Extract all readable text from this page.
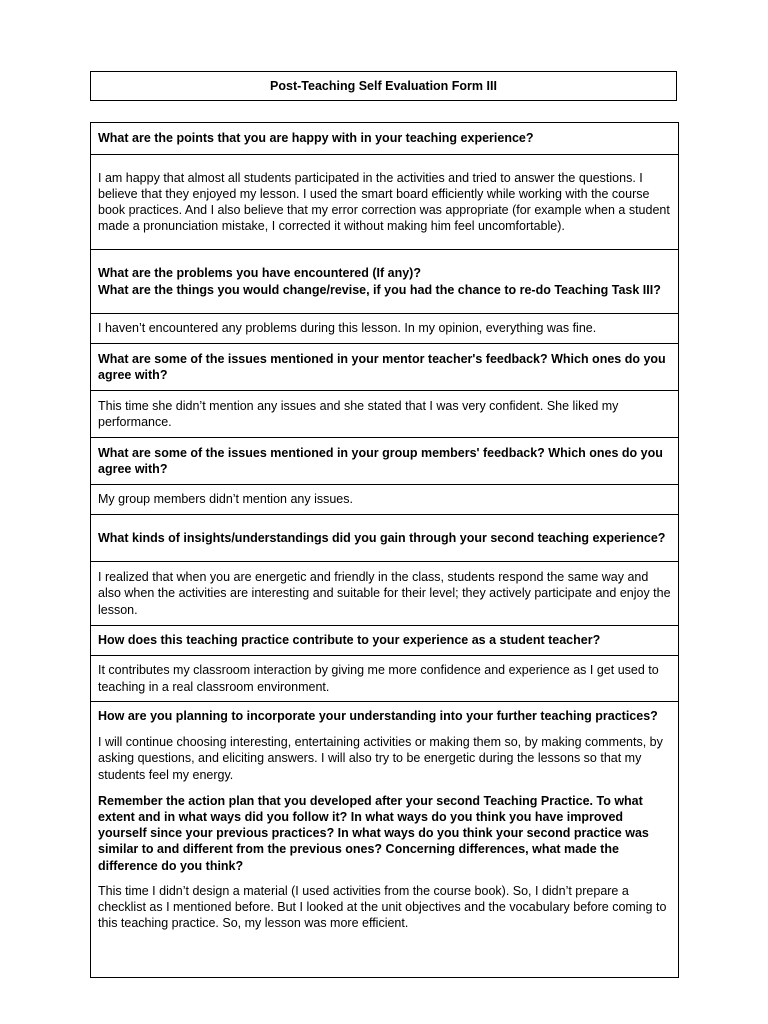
Post-Teaching Self Evaluation Form III
What are the points that you are happy with in your teaching experience?
I am happy that almost all students participated in the activities and tried to answer the questions. I believe that they enjoyed my lesson. I used the smart board efficiently while working with the course book practices. And I also believe that my error correction was appropriate (for example when a student made a pronunciation mistake, I corrected it without making him feel uncomfortable).
What are the problems you have encountered (If any)?
What are the things you would change/revise, if you had the chance to re-do Teaching Task III?
I haven’t encountered any problems during this lesson. In my opinion, everything was fine.
What are some of the issues mentioned in your mentor teacher's feedback? Which ones do you agree with?
This time she didn’t mention any issues and she stated that I was very confident. She liked my performance.
What are some of the issues mentioned in your group members' feedback? Which ones do you agree with?
My group members didn’t mention any issues.
What kinds of insights/understandings did you gain through your second teaching experience?
I realized that when you are energetic and friendly in the class, students respond the same way and also when the activities are interesting and suitable for their level; they actively participate and enjoy the lesson.
How does this teaching practice contribute to your experience as a student teacher?
It contributes my classroom interaction by giving me more confidence and experience as I get used to teaching in a real classroom environment.

How are you planning to incorporate your understanding into your further teaching practices?
I will continue choosing interesting, entertaining activities or making them so, by making comments, by asking questions, and eliciting answers. I will also try to be energetic during the lessons so that my students feel my energy.
Remember the action plan that you developed after your second Teaching Practice. To what extent and in what ways did you follow it? In what ways do you think you have improved yourself since your previous practices? In what ways do you think your second practice was similar to and different from the previous ones? Concerning differences, what made the difference do you think?
This time I didn’t design a material (I used activities from the course book). So, I didn’t prepare a checklist as I mentioned before. But I looked at the unit objectives and the vocabulary before coming to this teaching practice. So, my lesson was more efficient.
